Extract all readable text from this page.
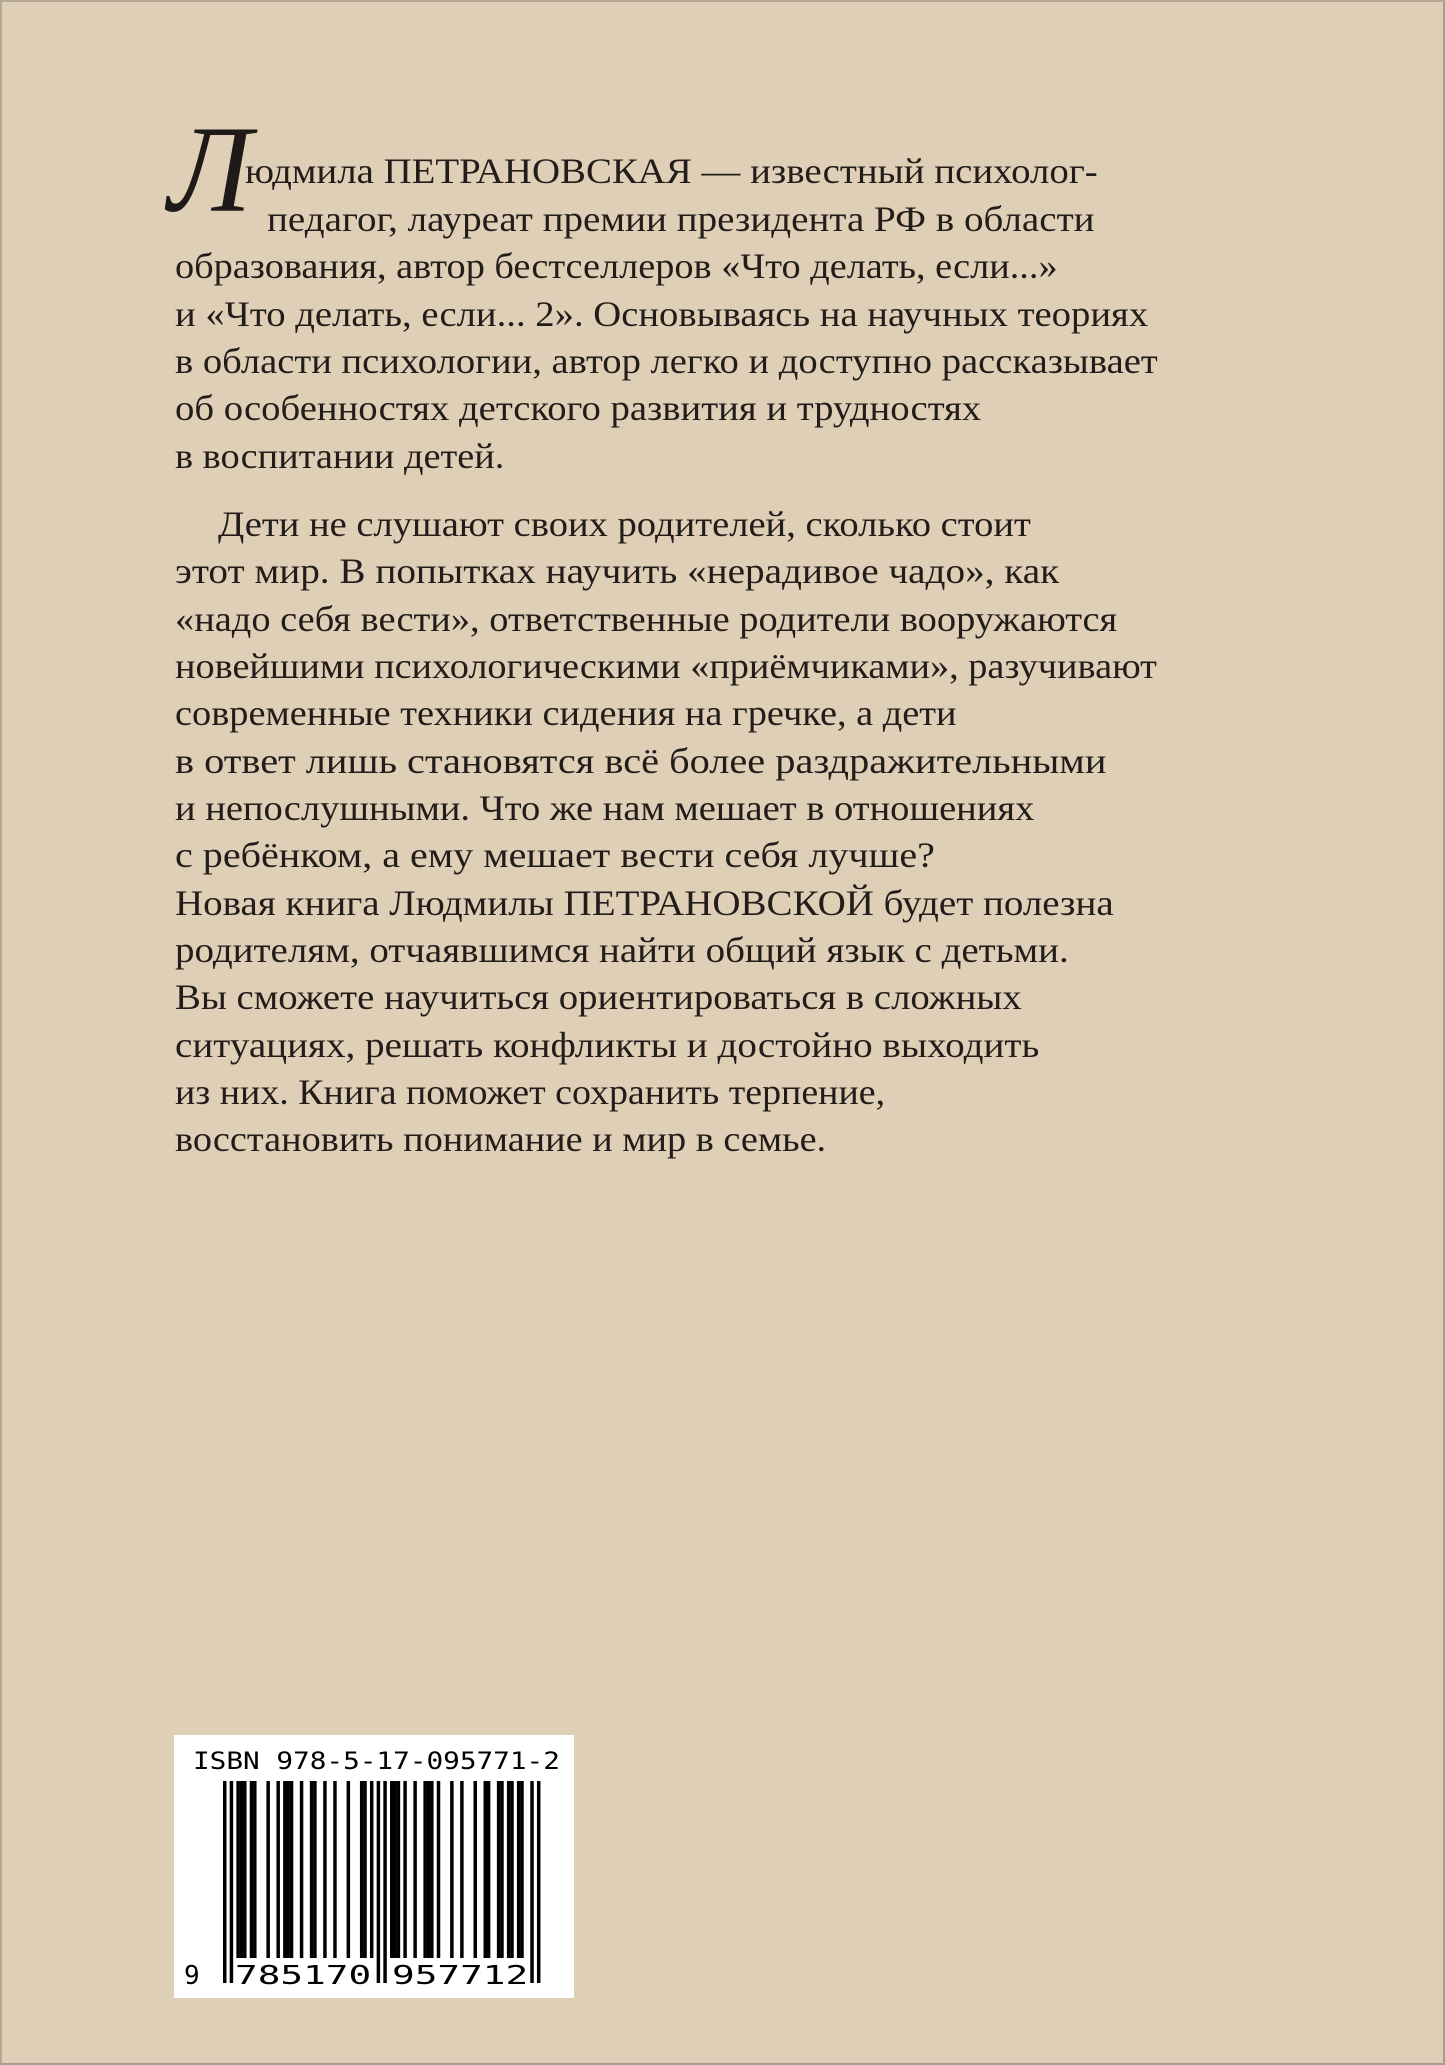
Л
юдмила ПЕТРАНОВСКАЯ — известный психолог-
педагог, лауреат премии президента РФ в области
образования, автор бестселлеров «Что делать, если...»
и «Что делать, если... 2». Основываясь на научных теориях
в области психологии, автор легко и доступно рассказывает
об особенностях детского развития и трудностях
в воспитании детей.
Дети не слушают своих родителей, сколько стоит
этот мир. В попытках научить «нерадивое чадо», как
«надо себя вести», ответственные родители вооружаются
новейшими психологическими «приёмчиками», разучивают
современные техники сидения на гречке, а дети
в ответ лишь становятся всё более раздражительными
и непослушными. Что же нам мешает в отношениях
с ребёнком, а ему мешает вести себя лучше?
Новая книга Людмилы ПЕТРАНОВСКОЙ будет полезна
родителям, отчаявшимся найти общий язык с детьми.
Вы сможете научиться ориентироваться в сложных
ситуациях, решать конфликты и достойно выходить
из них. Книга поможет сохранить терпение,
восстановить понимание и мир в семье.
ISBN 978-5-17-095771-2
9 785170 957712
